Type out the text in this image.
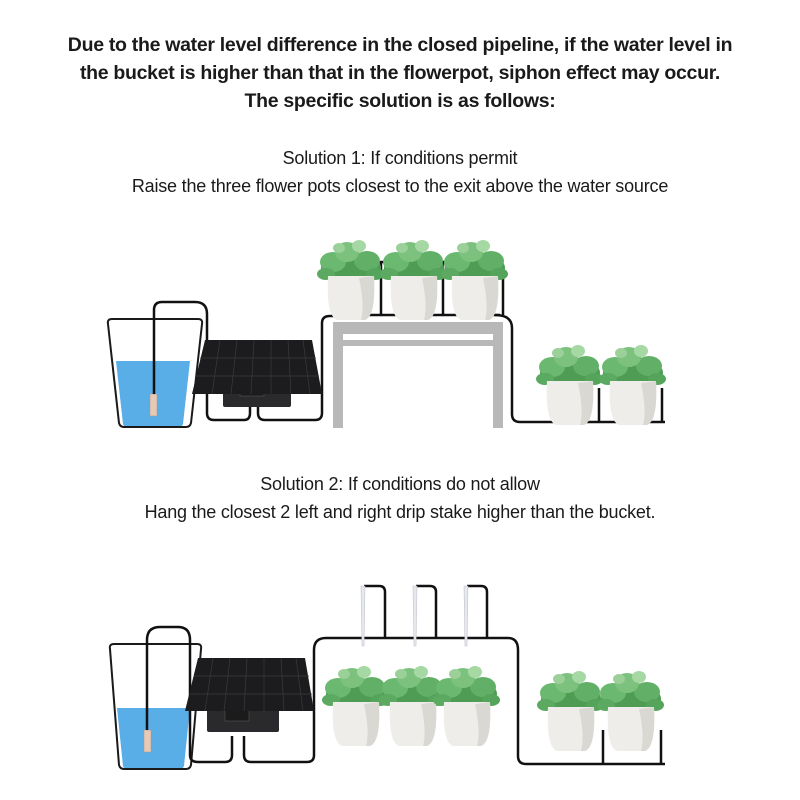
Due to the water level difference in the closed pipeline, if the water level in
the bucket is higher than that in the flowerpot, siphon effect may occur.
The specific solution is as follows:
Solution 1: If conditions permit
Raise the three flower pots closest to the exit above the water source
Solution 2: If conditions do not allow
Hang the closest 2 left and right drip stake higher than the bucket.
